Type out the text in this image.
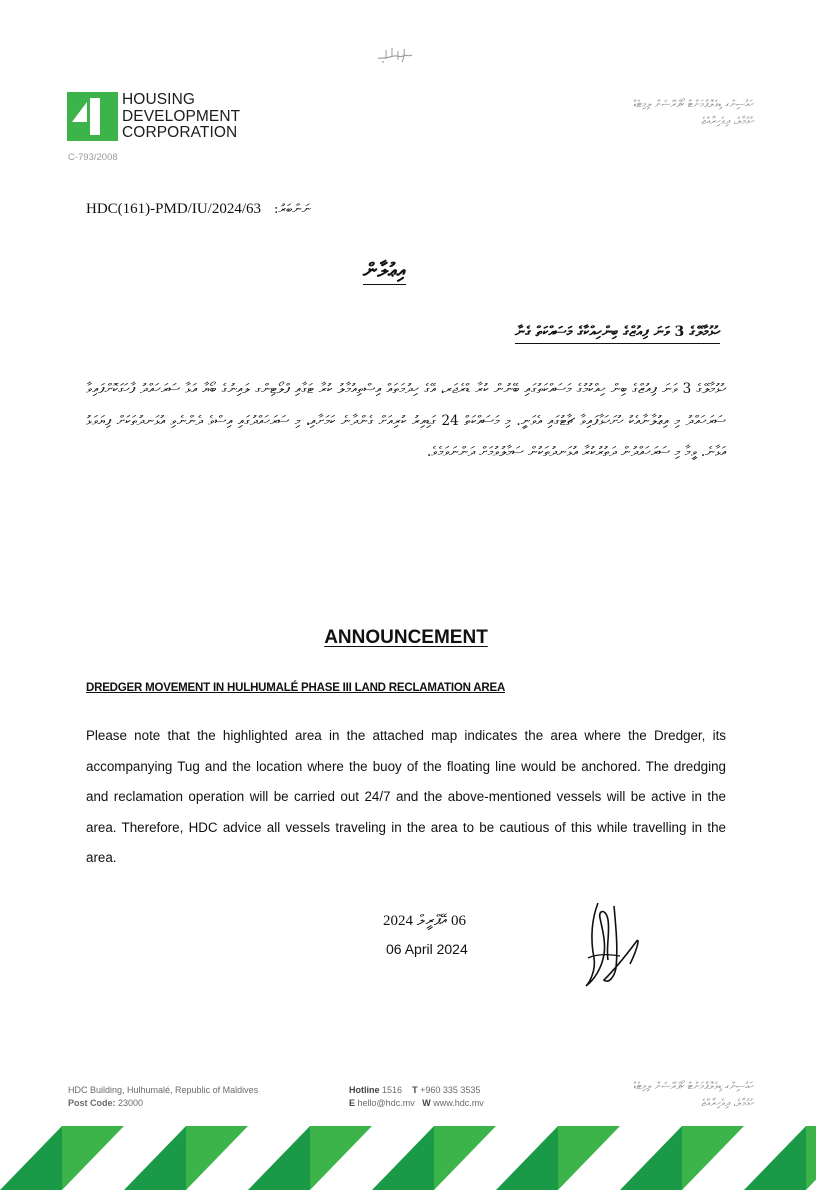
HOUSING
DEVELOPMENT
CORPORATION
C-793/2008
ހައުސިންގ ޑިވެލޮޕްމަންޓް ކޯޕަރޭޝަން ލިމިޓެޑް
ހުޅުމާލެ، ދިވެހިރާއްޖެ
HDC(161)-PMD/IU/2024/63 ނަންބަރު:
އިޢުލާން
ހުޅުމާލޭގެ 3 ވަނަ ފިއުޒްގެ ބިންހިއްކާގެ މަސައްކަތް ގެނާ
ހުޅުމާލޭގެ 3 ވަނަ ފިއުޒްގެ ބިން ހިއްކުމުގެ މަސައްކަތުގައި ބޭނުން ކުރާ ޑްރެޖަރ، އޭގެ ހިދުމަތައް އިސްތިއުމާލު ކުރާ ޓަގާއި ފްލޯޓިންގ ލައިނުގެ ބޯޔާ އަޅާ ސަރަހައްދު ފާހަގަކޮށްފައިވާ ސަރަހައްދު މި އިޢުލާނާއެކު ހުށަހަޅާފައިވާ ޗާޓުގައި އެވަނީ. މި މަސައްކަތް 24 ގަޑިއިރު ކުރިއަށް ގެންދާނެ ކަމަށާއި، މި ސަރަހައްދުގައި އިސްވެ ދެންނެވި އުޅަނދުތަކަށް ފިޔަވަޅު އަޅާނެ. ވީމާ މި ސަރަހައްދުން ދަތުރުކުރާ އުޅަނދުތަކުން ސަމާލުވުމަށް ދަންނަވަމެވެ.
ANNOUNCEMENT
DREDGER MOVEMENT IN HULHUMALÉ PHASE III LAND RECLAMATION AREA
Please note that the highlighted area in the attached map indicates the area where the Dredger, its accompanying Tug and the location where the buoy of the floating line would be anchored. The dredging and reclamation operation will be carried out 24/7 and the above-mentioned vessels will be active in the area. Therefore, HDC advice all vessels traveling in the area to be cautious of this while travelling in the area.
06 އޭޕްރީލް 2024
06 April 2024
HDC Building, Hulhumalé, Republic of Maldives
Post Code: 23000
Hotline 1516 T +960 335 3535
E hello@hdc.mv W www.hdc.mv
ހައުސިންގ ޑިވެލޮޕްމަންޓް ކޯޕަރޭޝަން ލިމިޓެޑް
ހުޅުމާލެ، ދިވެހިރާއްޖެ
